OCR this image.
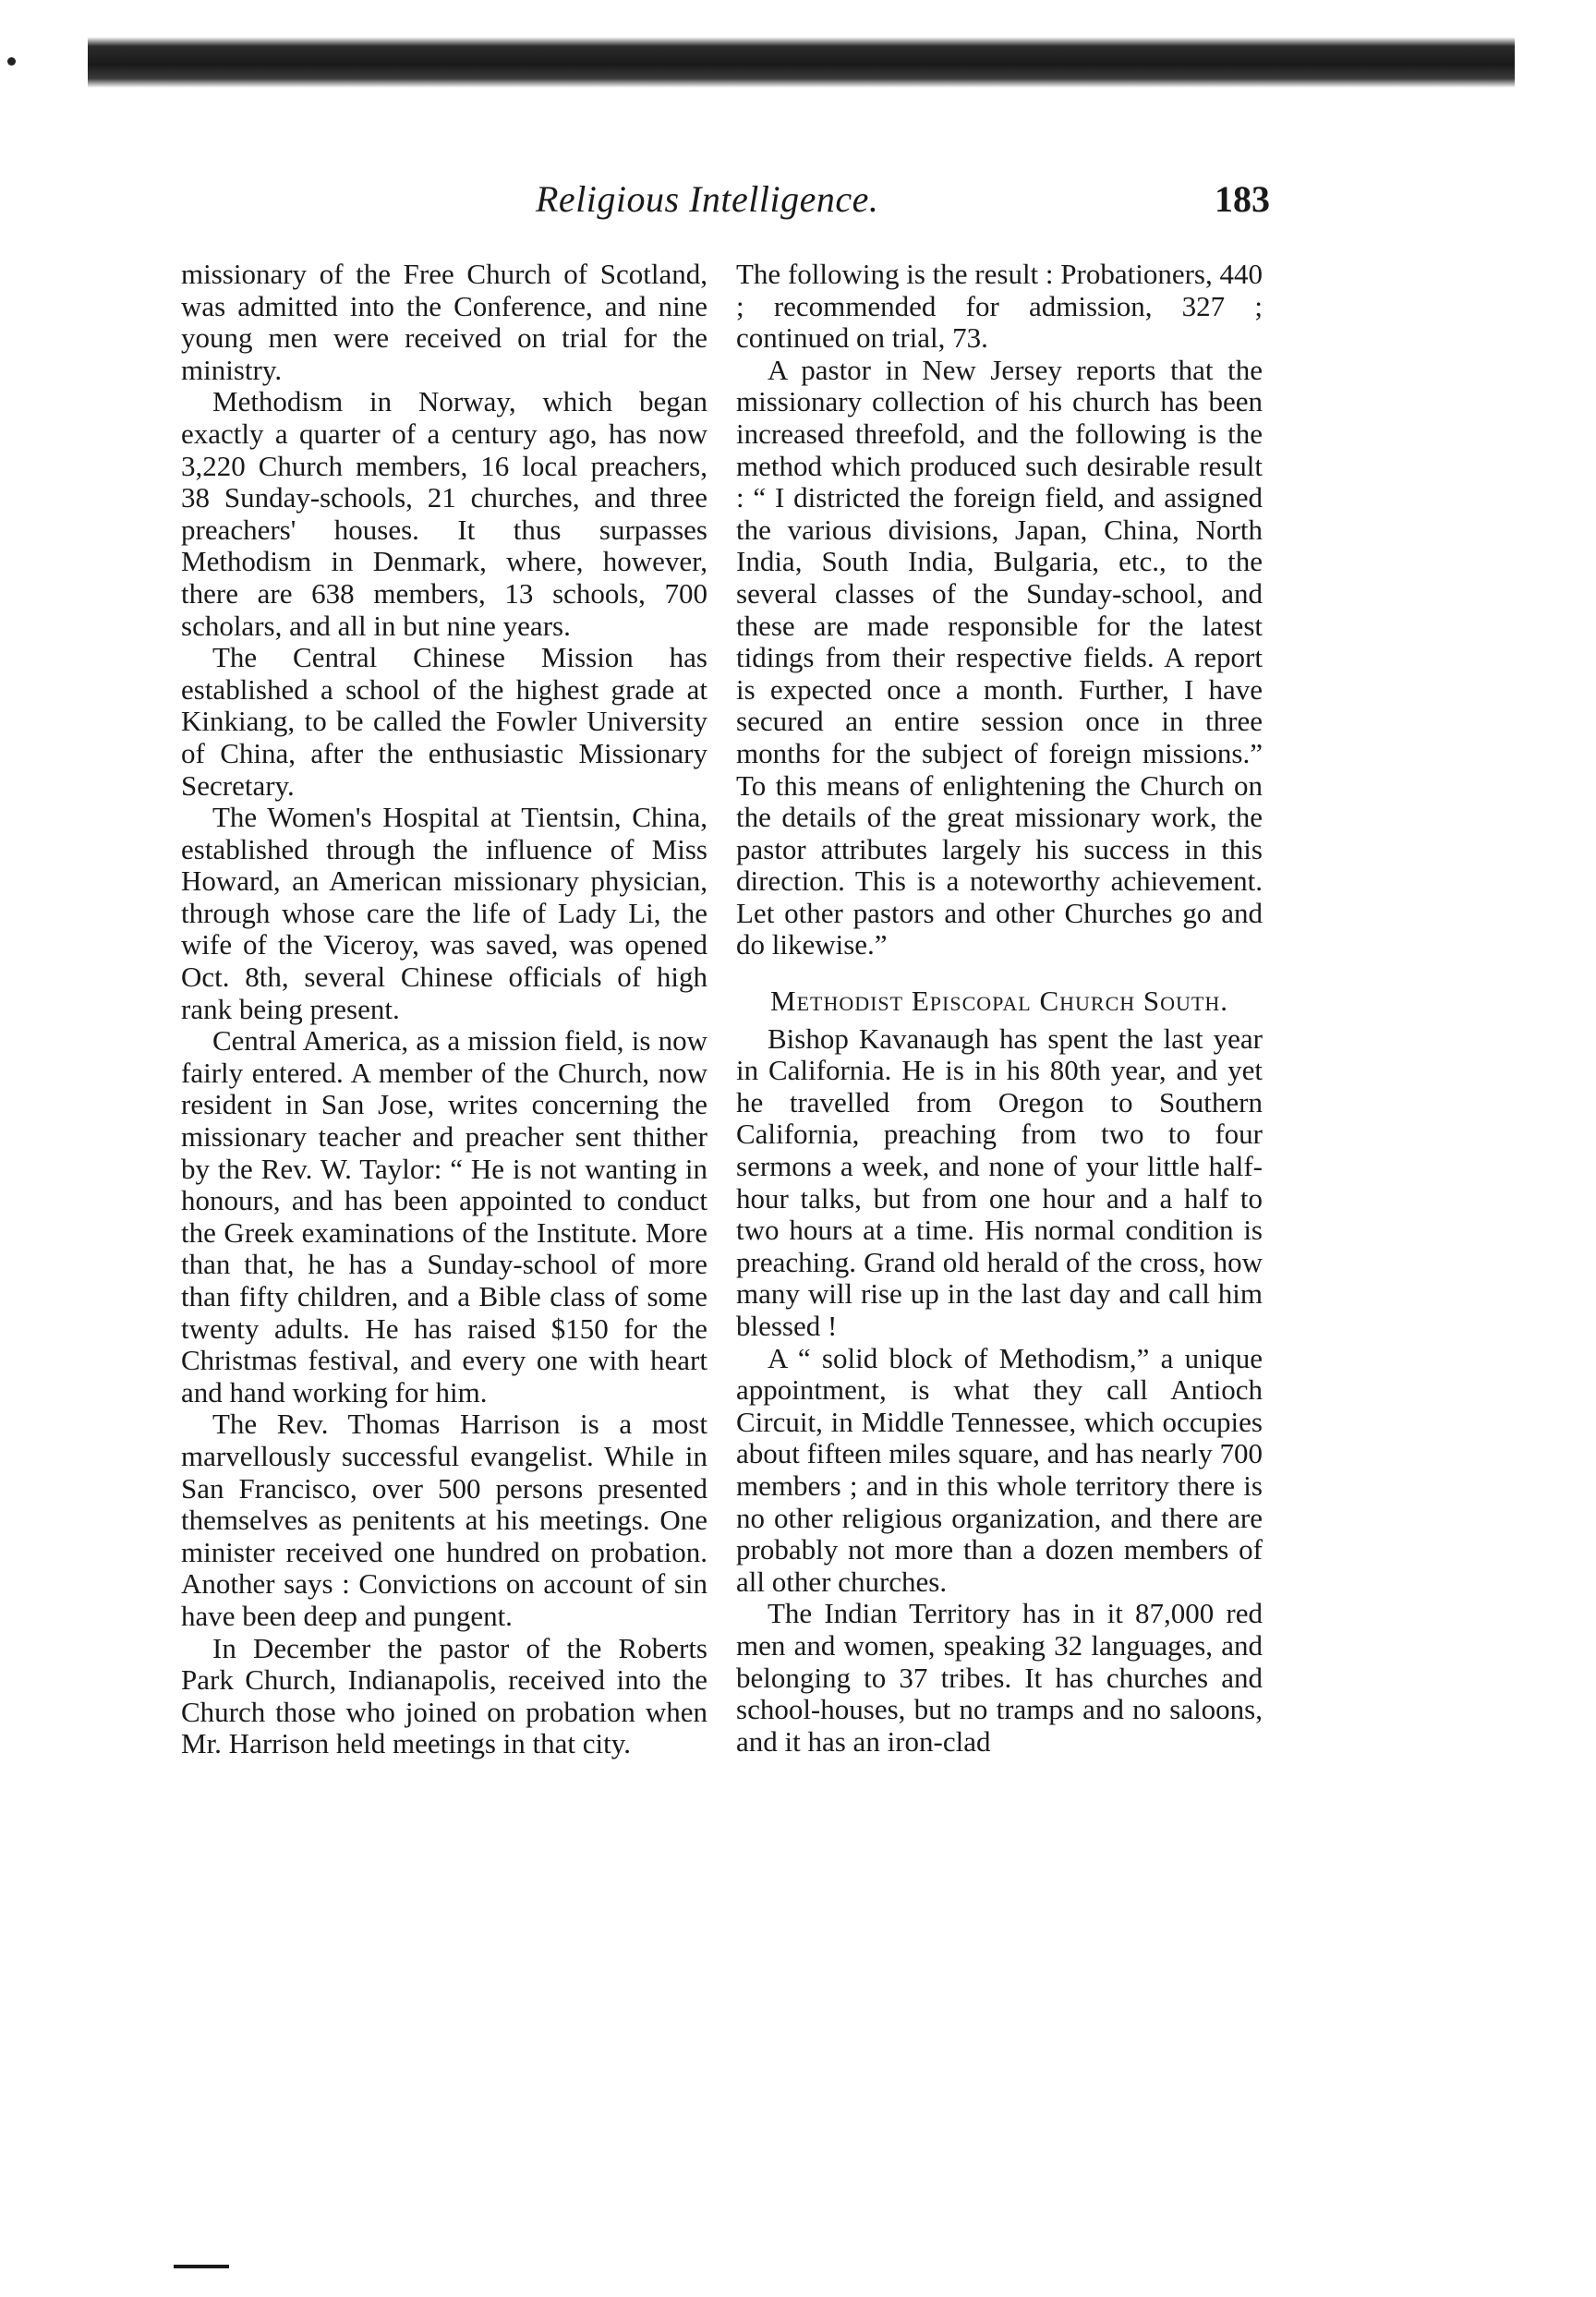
Religious Intelligence.	183

missionary of the Free Church of Scotland, was admitted into the Conference, and nine young men were received on trial for the ministry.

Methodism in Norway, which began exactly a quarter of a century ago, has now 3,220 Church members, 16 local preachers, 38 Sunday-schools, 21 churches, and three preachers' houses. It thus surpasses Methodism in Denmark, where, however, there are 638 members, 13 schools, 700 scholars, and all in but nine years.

The Central Chinese Mission has established a school of the highest grade at Kinkiang, to be called the Fowler University of China, after the enthusiastic Missionary Secretary.

The Women's Hospital at Tientsin, China, established through the influence of Miss Howard, an American missionary physician, through whose care the life of Lady Li, the wife of the Viceroy, was saved, was opened Oct. 8th, several Chinese officials of high rank being present.

Central America, as a mission field, is now fairly entered. A member of the Church, now resident in San Jose, writes concerning the missionary teacher and preacher sent thither by the Rev. W. Taylor: “ He is not wanting in honours, and has been appointed to conduct the Greek examinations of the Institute. More than that, he has a Sunday-school of more than fifty children, and a Bible class of some twenty adults. He has raised $150 for the Christmas festival, and every one with heart and hand working for him.

The Rev. Thomas Harrison is a most marvellously successful evangelist. While in San Francisco, over 500 persons presented themselves as penitents at his meetings. One minister received one hundred on probation. Another says : Convictions on account of sin have been deep and pungent.

In December the pastor of the Roberts Park Church, Indianapolis, received into the Church those who joined on probation when Mr. Harrison held meetings in that city.

The following is the result : Probationers, 440 ; recommended for admission, 327 ; continued on trial, 73.

A pastor in New Jersey reports that the missionary collection of his church has been increased threefold, and the following is the method which produced such desirable result : “ I districted the foreign field, and assigned the various divisions, Japan, China, North India, South India, Bulgaria, etc., to the several classes of the Sunday-school, and these are made responsible for the latest tidings from their respective fields. A report is expected once a month. Further, I have secured an entire session once in three months for the subject of foreign missions.” To this means of enlightening the Church on the details of the great missionary work, the pastor attributes largely his success in this direction. This is a noteworthy achievement. Let other pastors and other Churches go and do likewise.”

Methodist Episcopal Church South.

Bishop Kavanaugh has spent the last year in California. He is in his 80th year, and yet he travelled from Oregon to Southern California, preaching from two to four sermons a week, and none of your little half-hour talks, but from one hour and a half to two hours at a time. His normal condition is preaching. Grand old herald of the cross, how many will rise up in the last day and call him blessed !

A “ solid block of Methodism,” a unique appointment, is what they call Antioch Circuit, in Middle Tennessee, which occupies about fifteen miles square, and has nearly 700 members ; and in this whole territory there is no other religious organization, and there are probably not more than a dozen members of all other churches.

The Indian Territory has in it 87,000 red men and women, speaking 32 languages, and belonging to 37 tribes. It has churches and school-houses, but no tramps and no saloons, and it has an iron-clad
